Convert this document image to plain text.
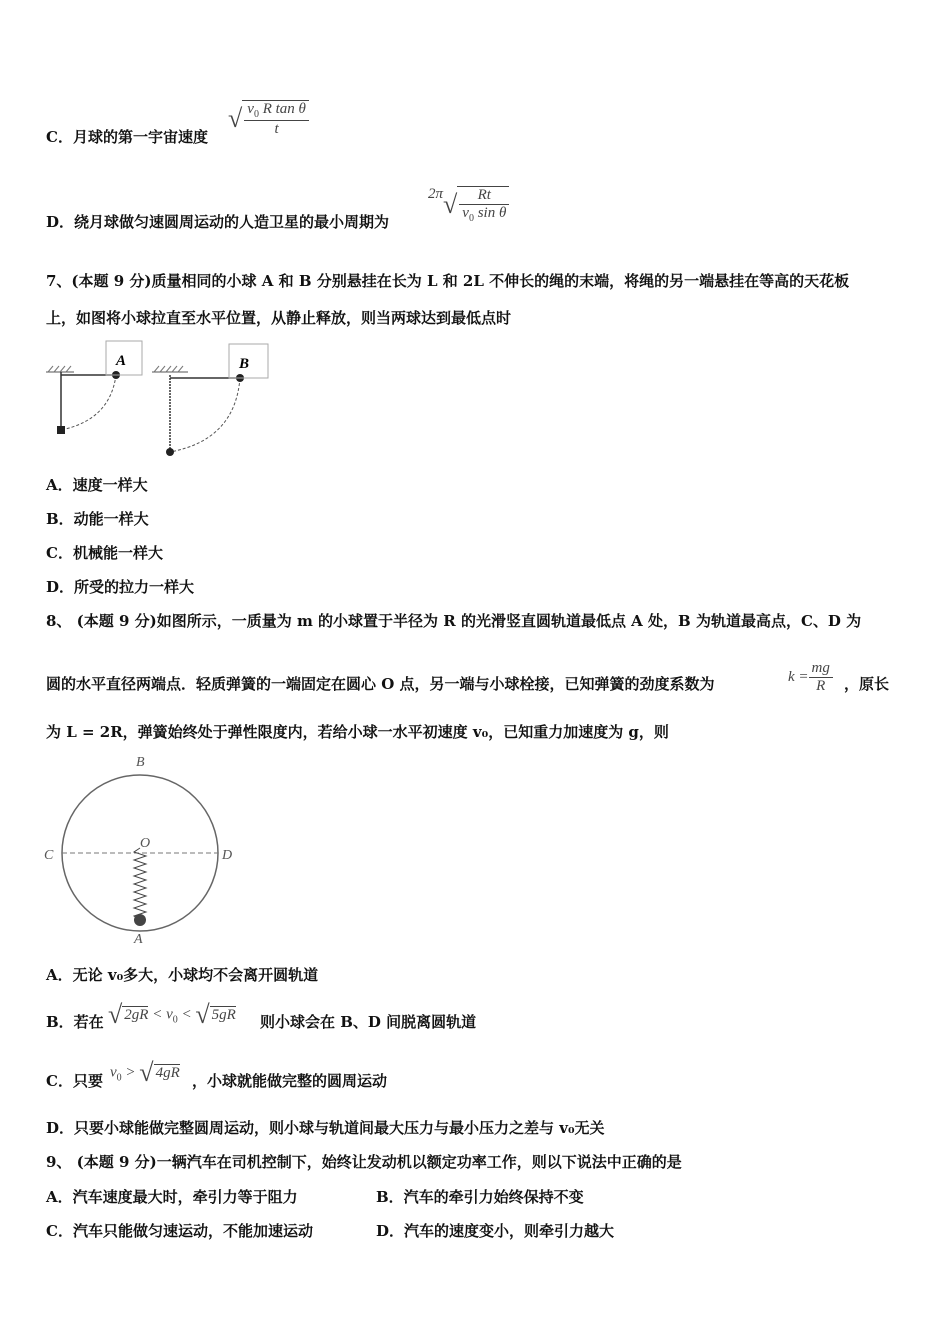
C．月球的第一宇宙速度
√ $\frac{v_0 R \tan \theta}{t}$
D．绕月球做匀速圆周运动的人造卫星的最小周期为
$2\pi√ \frac{Rt}{v_0 \sin \theta}$
7、(本题 9 分)质量相同的小球 A 和 B 分别悬挂在长为 L 和 2L 不伸长的绳的末端，将绳的另一端悬挂在等高的天花板
上，如图将小球拉直至水平位置，从静止释放，则当两球达到最低点时
A	B
A．速度一样大
B．动能一样大
C．机械能一样大
D．所受的拉力一样大
8、 (本题 9 分)如图所示，一质量为 m 的小球置于半径为 R 的光滑竖直圆轨道最低点 A 处，B 为轨道最高点，C、D 为
圆的水平直径两端点．轻质弹簧的一端固定在圆心 O 点，另一端与小球栓接，已知弹簧的劲度系数为	$k = \frac{mg}{R}$ ，原长
为 L = 2R，弹簧始终处于弹性限度内，若给小球一水平初速度 v₀，已知重力加速度为 g，则
B
C	D
O
A
A．无论 v₀多大，小球均不会离开圆轨道
B．若在 √ $2gR < v_0$ < √ 5gR 则小球会在 B、D 间脱离圆轨道
C．只要 $v_0$ > √ 4gR ，小球就能做完整的圆周运动
D．只要小球能做完整圆周运动，则小球与轨道间最大压力与最小压力之差与 v₀无关
9、 (本题 9 分)一辆汽车在司机控制下，始终让发动机以额定功率工作，则以下说法中正确的是
A．汽车速度最大时，牵引力等于阻力	B．汽车的牵引力始终保持不变
C．汽车只能做匀速运动，不能加速运动	D．汽车的速度变小，则牵引力越大
